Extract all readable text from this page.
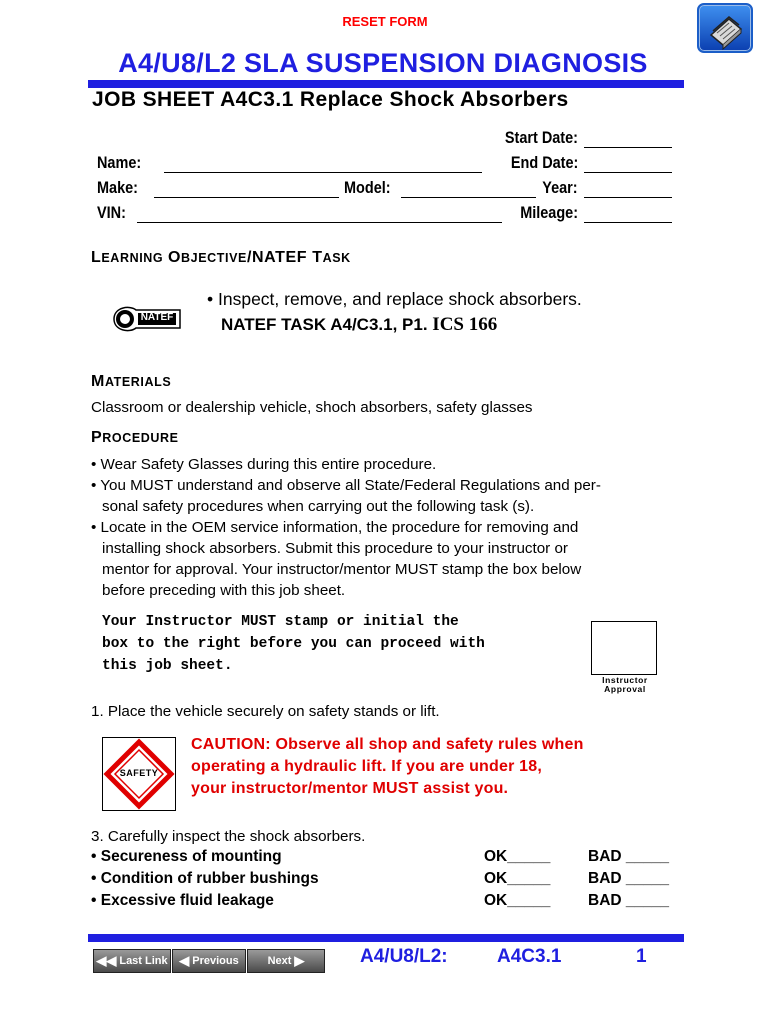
RESET FORM
A4/U8/L2 SLA SUSPENSION DIAGNOSIS
JOB SHEET A4C3.1 Replace Shock Absorbers
Start Date:
Name:	End Date:
Make:	Model:	Year:
VIN:	Mileage:
LEARNING OBJECTIVE/NATEF TASK
NATEF
• Inspect, remove, and replace shock absorbers.
NATEF TASK A4/C3.1, P1. ICS 166
MATERIALS
Classroom or dealership vehicle, shoch absorbers, safety glasses
PROCEDURE
• Wear Safety Glasses during this entire procedure.
• You MUST understand and observe all State/Federal Regulations and per-
sonal safety procedures when carrying out the following task (s).
• Locate in the OEM service information, the procedure for removing and
installing shock absorbers. Submit this procedure to your instructor or
mentor for approval. Your instructor/mentor MUST stamp the box below
before preceding with this job sheet.
Your Instructor MUST stamp or initial the
box to the right before you can proceed with
this job sheet.
Instructor
Approval
1. Place the vehicle securely on safety stands or lift.
SAFETY
CAUTION: Observe all shop and safety rules when
operating a hydraulic lift. If you are under 18,
your instructor/mentor MUST assist you.
3. Carefully inspect the shock absorbers.
• Secureness of mounting	OK_____ BAD _____
• Condition of rubber bushings	OK_____ BAD _____
• Excessive fluid leakage	OK_____ BAD _____
◀◀ Last Link ◀ Previous	Next ▶	A4/U8/L2:	A4C3.1	1
